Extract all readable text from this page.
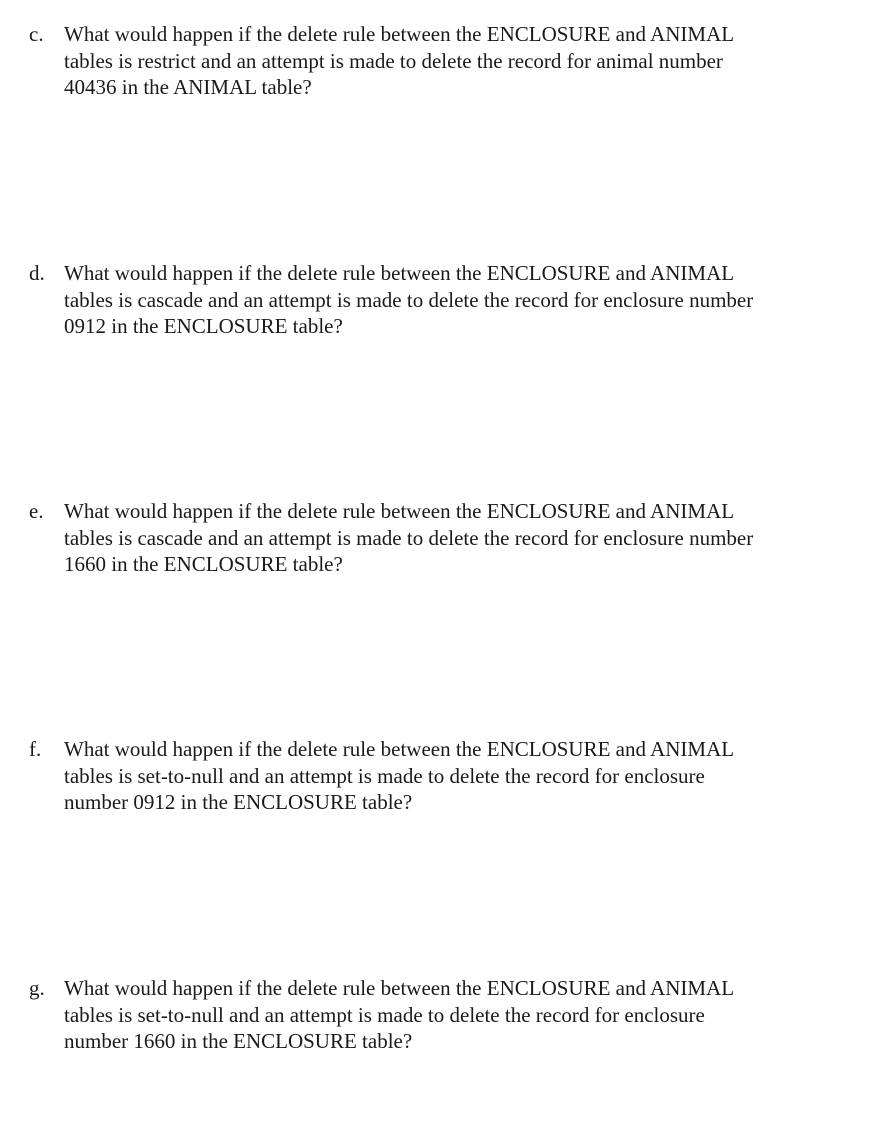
c. What would happen if the delete rule between the ENCLOSURE and ANIMAL
tables is restrict and an attempt is made to delete the record for animal number
40436 in the ANIMAL table?
d. What would happen if the delete rule between the ENCLOSURE and ANIMAL
tables is cascade and an attempt is made to delete the record for enclosure number
0912 in the ENCLOSURE table?
e. What would happen if the delete rule between the ENCLOSURE and ANIMAL
tables is cascade and an attempt is made to delete the record for enclosure number
1660 in the ENCLOSURE table?
f. What would happen if the delete rule between the ENCLOSURE and ANIMAL
tables is set-to-null and an attempt is made to delete the record for enclosure
number 0912 in the ENCLOSURE table?
g. What would happen if the delete rule between the ENCLOSURE and ANIMAL
tables is set-to-null and an attempt is made to delete the record for enclosure
number 1660 in the ENCLOSURE table?
